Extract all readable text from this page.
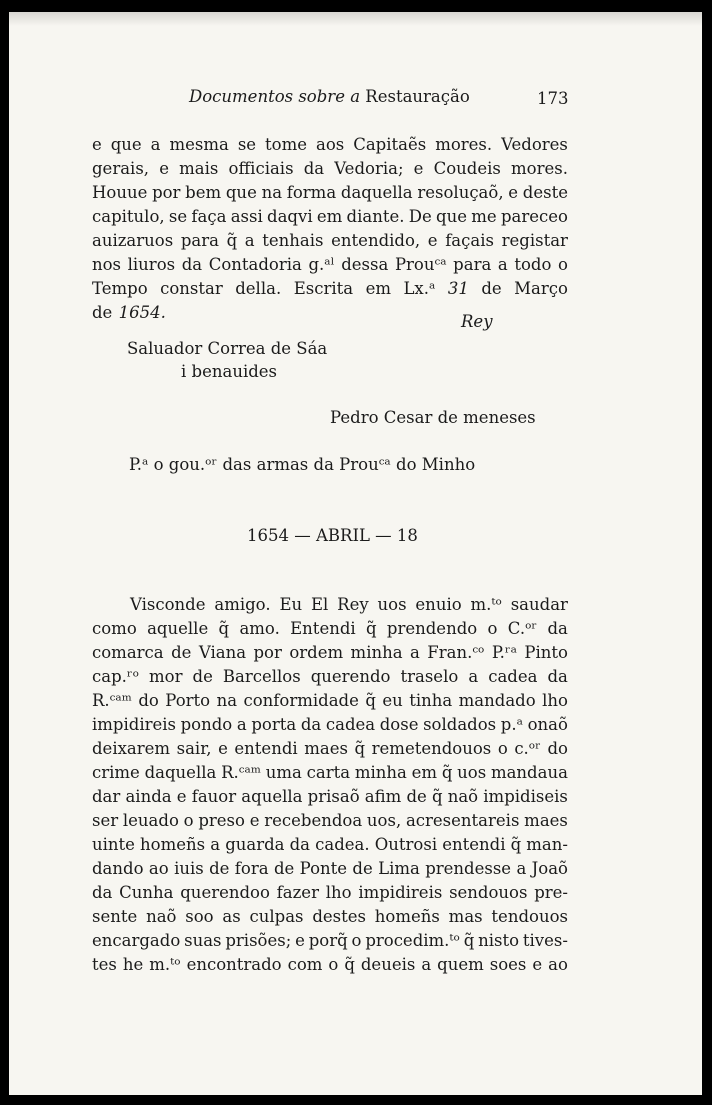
Documentos sobre a Restauração	173
e que a mesma se tome aos Capitaẽs mores. Vedores
gerais, e mais officiais da Vedoria; e Coudeis mores.
Houue por bem que na forma daquella resoluçaõ, e deste
capitulo, se faça assi daqvi em diante. De que me pareceo
auizaruos para q̃ a tenhais entendido, e façais registar
nos liuros da Contadoria g.ᵃˡ dessa Prouᶜᵃ para a todo o
Tempo constar della. Escrita em Lx.ᵃ 31 de Março
de 1654.	Rey
Saluador Correa de Sáa
i benauides
Pedro Cesar de meneses
P.ᵃ o gou.ᵒʳ das armas da Prouᶜᵃ do Minho
1654 — ABRIL — 18
Visconde amigo. Eu El Rey uos enuio m.ᵗᵒ saudar
como aquelle q̃ amo. Entendi q̃ prendendo o C.ᵒʳ da
comarca de Viana por ordem minha a Fran.ᶜᵒ P.ʳᵃ Pinto
cap.ʳᵒ mor de Barcellos querendo traselo a cadea da
R.ᶜᵃᵐ do Porto na conformidade q̃ eu tinha mandado lho
impidireis pondo a porta da cadea dose soldados p.ᵃ onaõ
deixarem sair, e entendi maes q̃ remetendouos o c.ᵒʳ do
crime daquella R.ᶜᵃᵐ uma carta minha em q̃ uos mandaua
dar ainda e fauor aquella prisaõ afim de q̃ naõ impidiseis
ser leuado o preso e recebendoa uos, acresentareis maes
uinte homeñs a guarda da cadea. Outrosi entendi q̃ man-
dando ao iuis de fora de Ponte de Lima prendesse a Joaõ
da Cunha querendoo fazer lho impidireis sendouos pre-
sente naõ soo as culpas destes homeñs mas tendouos
encargado suas prisões; e porq̃ o procedim.ᵗᵒ q̃ nisto tives-
tes he m.ᵗᵒ encontrado com o q̃ deueis a quem soes e ao
